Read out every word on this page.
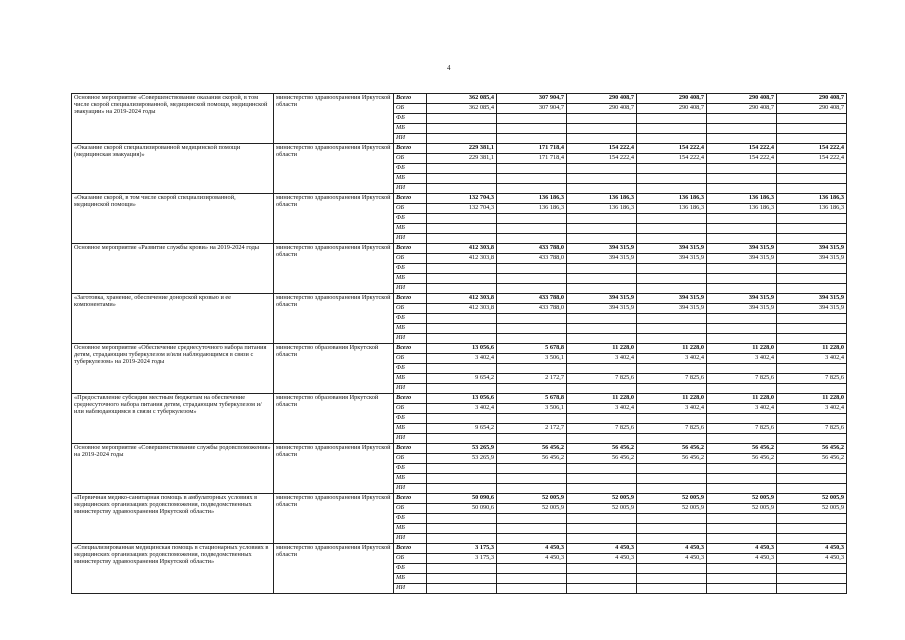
4
Основное мероприятие «Совершенствование оказания скорой, в том числе скорой специализированной, медицинской помощи, медицинской эвакуации» на 2019-2024 годы	министерство здравоохранения Иркутской области	Всего	362 085,4	307 904,7	290 408,7	290 408,7	290 408,7	290 408,7
		ОБ	362 085,4	307 904,7	290 408,7	290 408,7	290 408,7	290 408,7
		ФБ						
		МБ						
		ИИ						
«Оказание скорой специализированной медицинской помощи (медицинская эвакуация)»	министерство здравоохранения Иркутской области	Всего	229 381,1	171 718,4	154 222,4	154 222,4	154 222,4	154 222,4
		ОБ	229 381,1	171 718,4	154 222,4	154 222,4	154 222,4	154 222,4
		ФБ						
		МБ						
		ИИ						
«Оказание скорой, в том числе скорой специализированной, медицинской помощи»	министерство здравоохранения Иркутской области	Всего	132 704,3	136 186,3	136 186,3	136 186,3	136 186,3	136 186,3
		ОБ	132 704,3	136 186,3	136 186,3	136 186,3	136 186,3	136 186,3
		ФБ						
		МБ						
		ИИ						
Основное мероприятие «Развитие службы крови» на 2019-2024 годы	министерство здравоохранения Иркутской области	Всего	412 303,8	433 788,0	394 315,9	394 315,9	394 315,9	394 315,9
		ОБ	412 303,8	433 788,0	394 315,9	394 315,9	394 315,9	394 315,9
		ФБ						
		МБ						
		ИИ						
«Заготовка, хранение, обеспечение донорской кровью и ее компонентами»	министерство здравоохранения Иркутской области	Всего	412 303,8	433 788,0	394 315,9	394 315,9	394 315,9	394 315,9
		ОБ	412 303,8	433 788,0	394 315,9	394 315,9	394 315,9	394 315,9
		ФБ						
		МБ						
		ИИ						
Основное мероприятие «Обеспечение среднесуточного набора питания детям, страдающим туберкулезом и/или наблюдающимся в связи с туберкулезом» на 2019-2024 годы	министерство образования Иркутской области	Всего	13 056,6	5 678,8	11 228,0	11 228,0	11 228,0	11 228,0
		ОБ	3 402,4	3 506,1	3 402,4	3 402,4	3 402,4	3 402,4
		ФБ						
		МБ	9 654,2	2 172,7	7 825,6	7 825,6	7 825,6	7 825,6
		ИИ						
«Предоставление субсидии местным бюджетам на обеспечение среднесуточного набора питания детям, страдающим туберкулезом и/или наблюдающимся в связи с туберкулезом»	министерство образования Иркутской области	Всего	13 056,6	5 678,8	11 228,0	11 228,0	11 228,0	11 228,0
		ОБ	3 402,4	3 506,1	3 402,4	3 402,4	3 402,4	3 402,4
		ФБ						
		МБ	9 654,2	2 172,7	7 825,6	7 825,6	7 825,6	7 825,6
		ИИ						
Основное мероприятие «Совершенствование службы родовспоможения» на 2019-2024 годы	министерство здравоохранения Иркутской области	Всего	53 265,9	56 456,2	56 456,2	56 456,2	56 456,2	56 456,2
		ОБ	53 265,9	56 456,2	56 456,2	56 456,2	56 456,2	56 456,2
		ФБ						
		МБ						
		ИИ						
«Первичная медико-санитарная помощь в амбулаторных условиях в медицинских организациях родовспоможения, подведомственных министерству здравоохранения Иркутской области»	министерство здравоохранения Иркутской области	Всего	50 090,6	52 005,9	52 005,9	52 005,9	52 005,9	52 005,9
		ОБ	50 090,6	52 005,9	52 005,9	52 005,9	52 005,9	52 005,9
		ФБ						
		МБ						
		ИИ						
«Специализированная медицинская помощь в стационарных условиях в медицинских организациях родовспоможения, подведомственных министерству здравоохранения Иркутской области»	министерство здравоохранения Иркутской области	Всего	3 175,3	4 450,3	4 450,3	4 450,3	4 450,3	4 450,3
		ОБ	3 175,3	4 450,3	4 450,3	4 450,3	4 450,3	4 450,3
		ФБ						
		МБ						
		ИИ						
